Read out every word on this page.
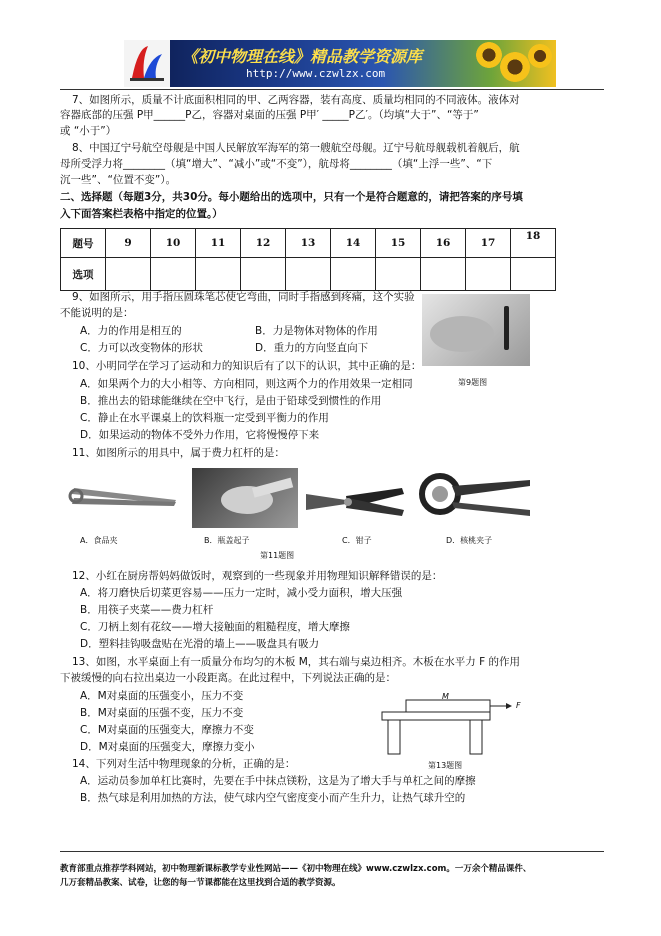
《初中物理在线》精品教学资源库
http://www.czwlzx.com
7、如图所示，质量不计底面积相同的甲、乙两容器，装有高度、质量均相同的不同液体。液体对
容器底部的压强 P甲______P乙，容器对桌面的压强 P甲′ _____P乙′。（均填“大于”、“等于”
或 “小于”）
8、中国辽宁号航空母舰是中国人民解放军海军的第一艘航空母舰。辽宁号航母舰载机着舰后，航
母所受浮力将________（填“增大”、“减小”或“不变”），航母将________（填“上浮一些”、“下
沉一些”、“位置不变”）。
二、选择题（每题3分，共30分。每小题给出的选项中，只有一个是符合题意的，请把答案的序号填
入下面答案栏表格中指定的位置。）
题号	9	10	11	12	13	14	15	16	17	18
选项										
9、如图所示，用手指压圆珠笔芯使它弯曲，同时手指感到疼痛，这个实验
不能说明的是：
A．力的作用是相互的	B．力是物体对物体的作用
C．力可以改变物体的形状	D．重力的方向竖直向下
10、小明同学在学习了运动和力的知识后有了以下的认识，其中正确的是：
第9题图
A．如果两个力的大小相等、方向相同，则这两个力的作用效果一定相同
B．推出去的铅球能继续在空中飞行，是由于铅球受到惯性的作用
C．静止在水平课桌上的饮料瓶一定受到平衡力的作用
D．如果运动的物体不受外力作用，它将慢慢停下来
11、如图所示的用具中，属于费力杠杆的是：
A．食品夹	B．瓶盖起子	C．钳子	D．核桃夹子
第11题图
12、小红在厨房帮妈妈做饭时，观察到的一些现象并用物理知识解释错误的是：
A．将刀磨快后切菜更容易——压力一定时，减小受力面积，增大压强
B．用筷子夹菜——费力杠杆
C．刀柄上刻有花纹——增大接触面的粗糙程度，增大摩擦
D．塑料挂钩吸盘贴在光滑的墙上——吸盘具有吸力
13、如图，水平桌面上有一质量分布均匀的木板 M，其右端与桌边相齐。木板在水平力 F 的作用
下被缓慢的向右拉出桌边一小段距离。在此过程中，下列说法正确的是：
A．M对桌面的压强变小，压力不变
B．M对桌面的压强不变，压力不变
C．M对桌面的压强变大，摩擦力不变
D．M对桌面的压强变大，摩擦力变小
M
F
第13题图
14、下列对生活中物理现象的分析，正确的是：
A．运动员参加单杠比赛时，先要在手中抹点镁粉，这是为了增大手与单杠之间的摩擦
B．热气球是利用加热的方法，使气球内空气密度变小而产生升力，让热气球升空的
教育部重点推荐学科网站，初中物理新课标教学专业性网站——《初中物理在线》www.czwlzx.com。一万余个精品课件、
几万套精品教案、试卷，让您的每一节课都能在这里找到合适的教学资源。
